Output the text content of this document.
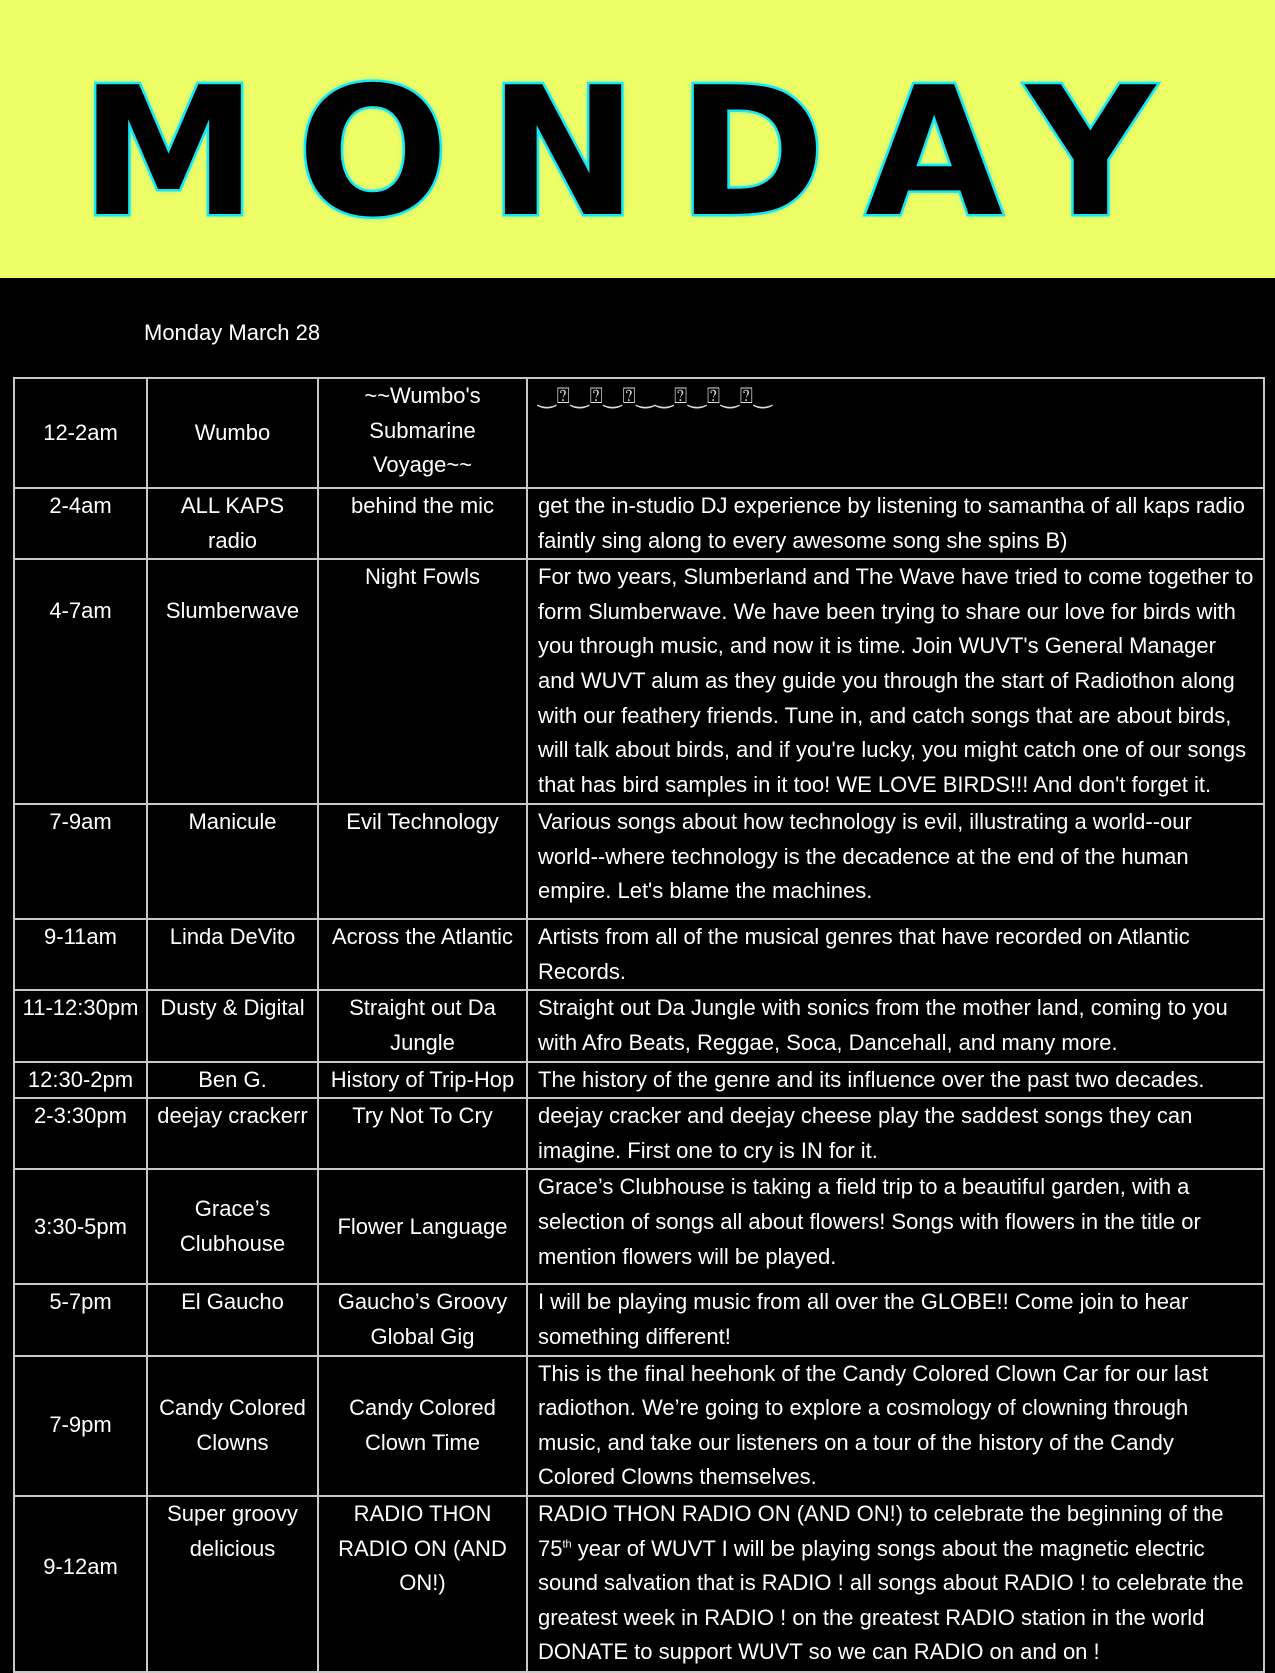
MONDAY
Monday March 28
12-2am	Wumbo	~~Wumbo's Submarine Voyage~~	‿⍰‿⍰‿⍰‿‿⍰‿⍰‿⍰‿
2-4am	ALL KAPS radio	behind the mic	get the in-studio DJ experience by listening to samantha of all kaps radio faintly sing along to every awesome song she spins B)

4-7am	Slumberwave	Night Fowls	For two years, Slumberland and The Wave have tried to come together to form Slumberwave. We have been trying to share our love for birds with you through music, and now it is time. Join WUVT's General Manager and WUVT alum as they guide you through the start of Radiothon along with our feathery friends. Tune in, and catch songs that are about birds, will talk about birds, and if you're lucky, you might catch one of our songs that has bird samples in it too! WE LOVE BIRDS!!! And don't forget it.
7-9am	Manicule	Evil Technology	Various songs about how technology is evil, illustrating a world--our world--where technology is the decadence at the end of the human empire. Let's blame the machines.
9-11am	Linda DeVito	Across the Atlantic	Artists from all of the musical genres that have recorded on Atlantic Records.
11-12:30pm	Dusty & Digital	Straight out Da Jungle	Straight out Da Jungle with sonics from the mother land, coming to you with Afro Beats, Reggae, Soca, Dancehall, and many more.
12:30-2pm	Ben G.	History of Trip-Hop	The history of the genre and its influence over the past two decades.
2-3:30pm	deejay crackerr	Try Not To Cry	deejay cracker and deejay cheese play the saddest songs they can imagine. First one to cry is IN for it.
3:30-5pm	Grace’s Clubhouse	Flower Language	Grace’s Clubhouse is taking a field trip to a beautiful garden, with a selection of songs all about flowers! Songs with flowers in the title or mention flowers will be played.
5-7pm	El Gaucho	Gaucho’s Groovy Global Gig	I will be playing music from all over the GLOBE!! Come join to hear something different!
7-9pm	Candy Colored Clowns	Candy Colored Clown Time	This is the final heehonk of the Candy Colored Clown Car for our last radiothon. We’re going to explore a cosmology of clowning through music, and take our listeners on a tour of the history of the Candy Colored Clowns themselves.

9-12am	Super groovy delicious	RADIO THON RADIO ON (AND ON!)	RADIO THON RADIO ON (AND ON!) to celebrate the beginning of the 75th year of WUVT I will be playing songs about the magnetic electric sound salvation that is RADIO ! all songs about RADIO ! to celebrate the greatest week in RADIO ! on the greatest RADIO station in the world DONATE to support WUVT so we can RADIO on and on !
